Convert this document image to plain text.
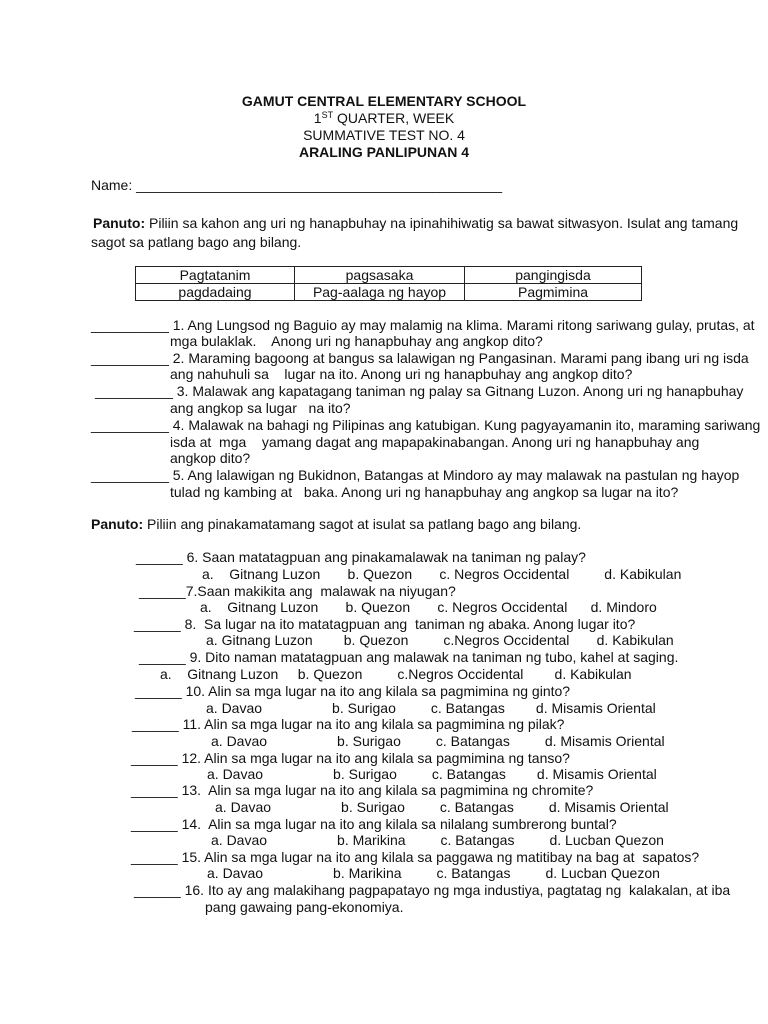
GAMUT CENTRAL ELEMENTARY SCHOOL
1ST QUARTER, WEEK
SUMMATIVE TEST NO. 4
ARALING PANLIPUNAN 4
Name: _______________________________________________
Panuto: Piliin sa kahon ang uri ng hanapbuhay na ipinahihiwatig sa bawat sitwasyon. Isulat ang tamang
sagot sa patlang bago ang bilang.
Pagtatanim	pagsasaka	pangingisda
pagdadaing	Pag-aalaga ng hayop	Pagmimina
__________ 1. Ang Lungsod ng Baguio ay may malamig na klima. Marami ritong sariwang gulay, prutas, at
mga bulaklak.    Anong uri ng hanapbuhay ang angkop dito?
__________ 2. Maraming bagoong at bangus sa lalawigan ng Pangasinan. Marami pang ibang uri ng isda
ang nahuhuli sa    lugar na ito. Anong uri ng hanapbuhay ang angkop dito?
__________ 3. Malawak ang kapatagang taniman ng palay sa Gitnang Luzon. Anong uri ng hanapbuhay
ang angkop sa lugar   na ito?
__________ 4. Malawak na bahagi ng Pilipinas ang katubigan. Kung pagyayamanin ito, maraming sariwang
isda at  mga    yamang dagat ang mapapakinabangan. Anong uri ng hanapbuhay ang
angkop dito?
__________ 5. Ang lalawigan ng Bukidnon, Batangas at Mindoro ay may malawak na pastulan ng hayop
tulad ng kambing at   baka. Anong uri ng hanapbuhay ang angkop sa lugar na ito?
Panuto: Piliin ang pinakamatamang sagot at isulat sa patlang bago ang bilang.
______ 6. Saan matatagpuan ang pinakamalawak na taniman ng palay?
a.    Gitnang Luzon       b. Quezon       c. Negros Occidental         d. Kabikulan
______7.Saan makikita ang  malawak na niyugan?
a.    Gitnang Luzon       b. Quezon       c. Negros Occidental      d. Mindoro
______ 8.  Sa lugar na ito matatagpuan ang  taniman ng abaka. Anong lugar ito?
a. Gitnang Luzon        b. Quezon         c.Negros Occidental       d. Kabikulan
______ 9. Dito naman matatagpuan ang malawak na taniman ng tubo, kahel at saging.
a.    Gitnang Luzon     b. Quezon         c.Negros Occidental        d. Kabikulan
______ 10. Alin sa mga lugar na ito ang kilala sa pagmimina ng ginto?
a. Davao                  b. Surigao         c. Batangas        d. Misamis Oriental
______ 11. Alin sa mga lugar na ito ang kilala sa pagmimina ng pilak?
a. Davao                  b. Surigao         c. Batangas         d. Misamis Oriental
______ 12. Alin sa mga lugar na ito ang kilala sa pagmimina ng tanso?
a. Davao                  b. Surigao         c. Batangas        d. Misamis Oriental
______ 13.  Alin sa mga lugar na ito ang kilala sa pagmimina ng chromite?
a. Davao                  b. Surigao         c. Batangas         d. Misamis Oriental
______ 14.  Alin sa mga lugar na ito ang kilala sa nilalang sumbrerong buntal?
a. Davao                  b. Marikina         c. Batangas         d. Lucban Quezon
______ 15. Alin sa mga lugar na ito ang kilala sa paggawa ng matitibay na bag at  sapatos?
a. Davao                  b. Marikina         c. Batangas         d. Lucban Quezon
______ 16. Ito ay ang malakihang pagpapatayo ng mga industiya, pagtatag ng  kalakalan, at iba
pang gawaing pang-ekonomiya.
